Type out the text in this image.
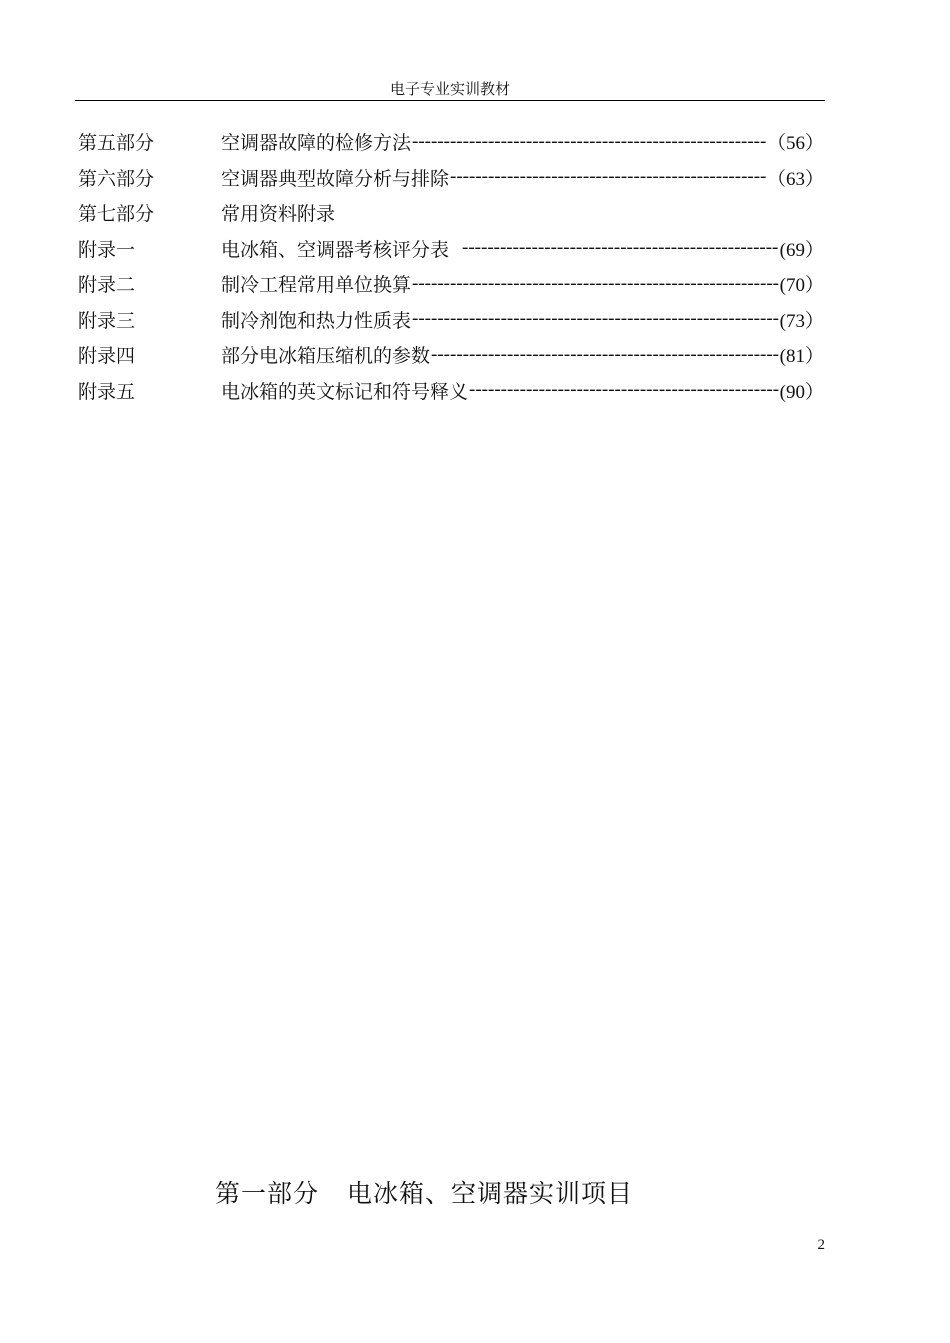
电子专业实训教材
第五部分	空调器故障的检修方法 -----	（56）
第六部分	空调器典型故障分析与排除 -----	（63）
第七部分	常用资料附录
附录一	电冰箱、空调器考核评分表 -----	(69）
附录二	制冷工程常用单位换算 -----	(70）
附录三	制冷剂饱和热力性质表 -----	(73）
附录四	部分电冰箱压缩机的参数 -----	(81）
附录五	电冰箱的英文标记和符号释义 -----	(90）
第一部分 电冰箱、空调器实训项目
2
